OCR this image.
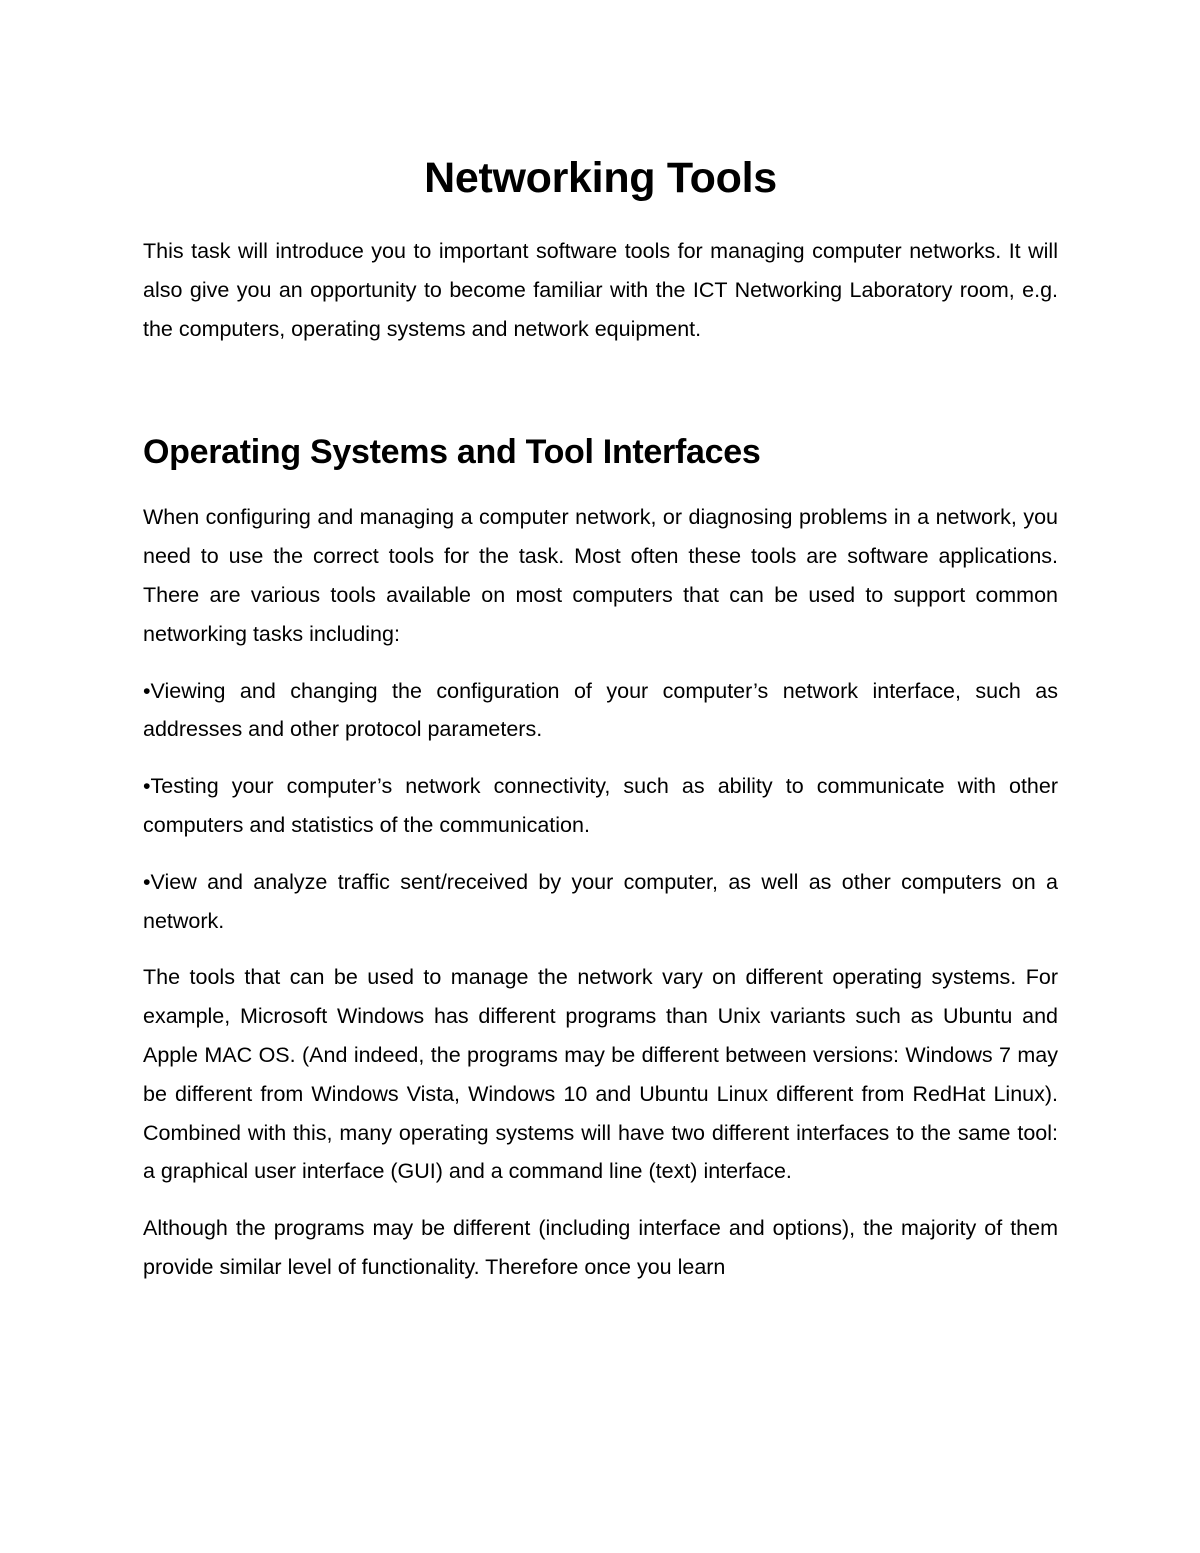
Networking Tools

This task will introduce you to important software tools for managing computer networks. It will also give you an opportunity to become familiar with the ICT Networking Laboratory room, e.g. the computers, operating systems and network equipment.

Operating Systems and Tool Interfaces

When configuring and managing a computer network, or diagnosing problems in a network, you need to use the correct tools for the task. Most often these tools are software applications. There are various tools available on most computers that can be used to support common networking tasks including:

•Viewing and changing the configuration of your computer’s network interface, such as addresses and other protocol parameters.

•Testing your computer’s network connectivity, such as ability to communicate with other computers and statistics of the communication.

•View and analyze traffic sent/received by your computer, as well as other computers on a network.

The tools that can be used to manage the network vary on different operating systems. For example, Microsoft Windows has different programs than Unix variants such as Ubuntu and Apple MAC OS. (And indeed, the programs may be different between versions: Windows 7 may be different from Windows Vista, Windows 10 and Ubuntu Linux different from RedHat Linux). Combined with this, many operating systems will have two different interfaces to the same tool: a graphical user interface (GUI) and a command line (text) interface.

Although the programs may be different (including interface and options), the majority of them provide similar level of functionality. Therefore once you learn
